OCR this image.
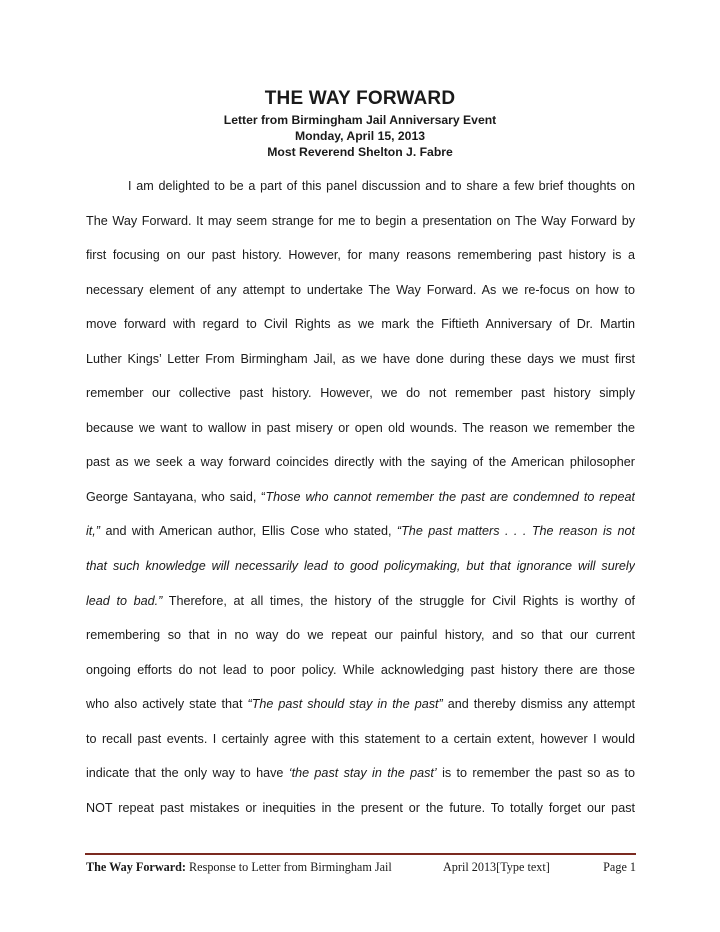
THE WAY FORWARD
Letter from Birmingham Jail Anniversary Event
Monday, April 15, 2013
Most Reverend Shelton J. Fabre
I am delighted to be a part of this panel discussion and to share a few brief thoughts on
The Way Forward. It may seem strange for me to begin a presentation on The Way Forward by
first focusing on our past history. However, for many reasons remembering past history is a
necessary element of any attempt to undertake The Way Forward. As we re-focus on how to
move forward with regard to Civil Rights as we mark the Fiftieth Anniversary of Dr. Martin
Luther Kings’ Letter From Birmingham Jail, as we have done during these days we must first
remember our collective past history. However, we do not remember past history simply
because we want to wallow in past misery or open old wounds. The reason we remember the
past as we seek a way forward coincides directly with the saying of the American philosopher
George Santayana, who said, “Those who cannot remember the past are condemned to repeat
it,” and with American author, Ellis Cose who stated, “The past matters . . . The reason is not
that such knowledge will necessarily lead to good policymaking, but that ignorance will surely
lead to bad.” Therefore, at all times, the history of the struggle for Civil Rights is worthy of
remembering so that in no way do we repeat our painful history, and so that our current
ongoing efforts do not lead to poor policy. While acknowledging past history there are those
who also actively state that “The past should stay in the past” and thereby dismiss any attempt
to recall past events. I certainly agree with this statement to a certain extent, however I would
indicate that the only way to have ‘the past stay in the past’ is to remember the past so as to
NOT repeat past mistakes or inequities in the present or the future. To totally forget our past
The Way Forward: Response to Letter from Birmingham Jail	April 2013[Type text]	Page 1
